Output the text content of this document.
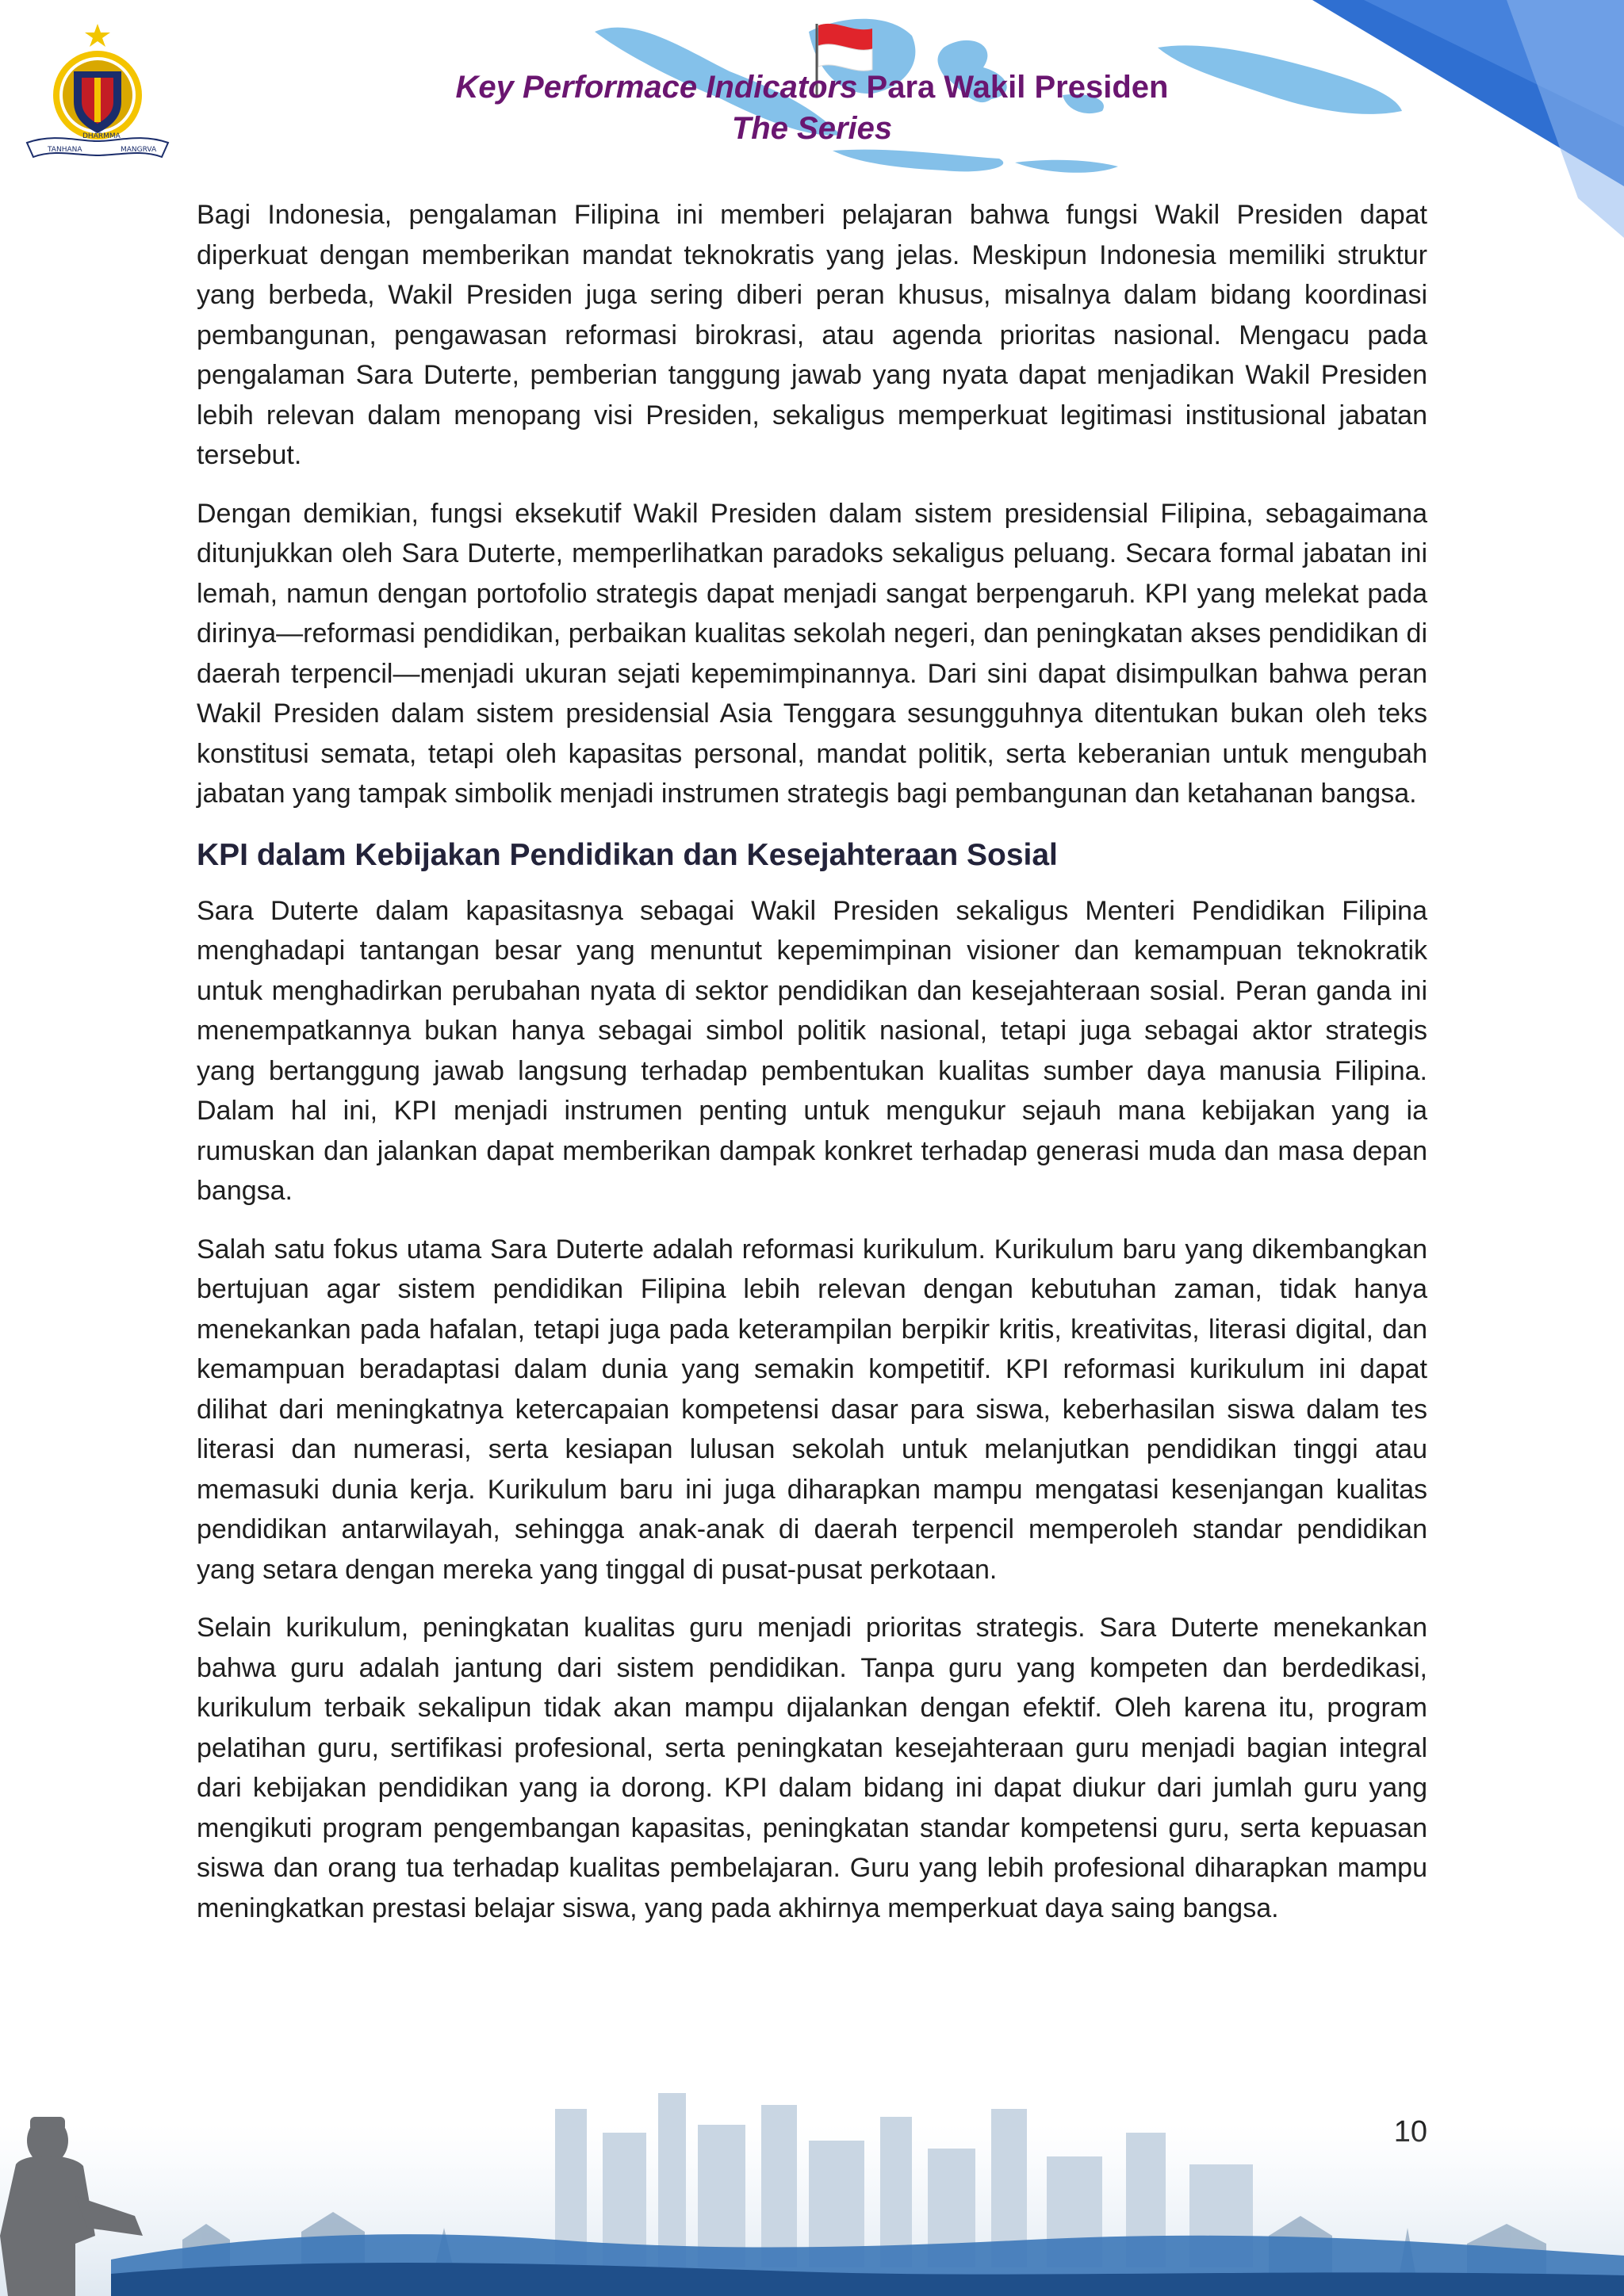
TANHANA
DHARMMA
MANGRVA
Key Performace Indicators Para Wakil Presiden
The Series

Bagi Indonesia, pengalaman Filipina ini memberi pelajaran bahwa fungsi Wakil Presiden dapat diperkuat dengan memberikan mandat teknokratis yang jelas. Meskipun Indonesia memiliki struktur yang berbeda, Wakil Presiden juga sering diberi peran khusus, misalnya dalam bidang koordinasi pembangunan, pengawasan reformasi birokrasi, atau agenda prioritas nasional. Mengacu pada pengalaman Sara Duterte, pemberian tanggung jawab yang nyata dapat menjadikan Wakil Presiden lebih relevan dalam menopang visi Presiden, sekaligus memperkuat legitimasi institusional jabatan tersebut.

Dengan demikian, fungsi eksekutif Wakil Presiden dalam sistem presidensial Filipina, sebagaimana ditunjukkan oleh Sara Duterte, memperlihatkan paradoks sekaligus peluang. Secara formal jabatan ini lemah, namun dengan portofolio strategis dapat menjadi sangat berpengaruh. KPI yang melekat pada dirinya—reformasi pendidikan, perbaikan kualitas sekolah negeri, dan peningkatan akses pendidikan di daerah terpencil—menjadi ukuran sejati kepemimpinannya. Dari sini dapat disimpulkan bahwa peran Wakil Presiden dalam sistem presidensial Asia Tenggara sesungguhnya ditentukan bukan oleh teks konstitusi semata, tetapi oleh kapasitas personal, mandat politik, serta keberanian untuk mengubah jabatan yang tampak simbolik menjadi instrumen strategis bagi pembangunan dan ketahanan bangsa.

KPI dalam Kebijakan Pendidikan dan Kesejahteraan Sosial

Sara Duterte dalam kapasitasnya sebagai Wakil Presiden sekaligus Menteri Pendidikan Filipina menghadapi tantangan besar yang menuntut kepemimpinan visioner dan kemampuan teknokratik untuk menghadirkan perubahan nyata di sektor pendidikan dan kesejahteraan sosial. Peran ganda ini menempatkannya bukan hanya sebagai simbol politik nasional, tetapi juga sebagai aktor strategis yang bertanggung jawab langsung terhadap pembentukan kualitas sumber daya manusia Filipina. Dalam hal ini, KPI menjadi instrumen penting untuk mengukur sejauh mana kebijakan yang ia rumuskan dan jalankan dapat memberikan dampak konkret terhadap generasi muda dan masa depan bangsa.

Salah satu fokus utama Sara Duterte adalah reformasi kurikulum. Kurikulum baru yang dikembangkan bertujuan agar sistem pendidikan Filipina lebih relevan dengan kebutuhan zaman, tidak hanya menekankan pada hafalan, tetapi juga pada keterampilan berpikir kritis, kreativitas, literasi digital, dan kemampuan beradaptasi dalam dunia yang semakin kompetitif. KPI reformasi kurikulum ini dapat dilihat dari meningkatnya ketercapaian kompetensi dasar para siswa, keberhasilan siswa dalam tes literasi dan numerasi, serta kesiapan lulusan sekolah untuk melanjutkan pendidikan tinggi atau memasuki dunia kerja. Kurikulum baru ini juga diharapkan mampu mengatasi kesenjangan kualitas pendidikan antarwilayah, sehingga anak-anak di daerah terpencil memperoleh standar pendidikan yang setara dengan mereka yang tinggal di pusat-pusat perkotaan.

Selain kurikulum, peningkatan kualitas guru menjadi prioritas strategis. Sara Duterte menekankan bahwa guru adalah jantung dari sistem pendidikan. Tanpa guru yang kompeten dan berdedikasi, kurikulum terbaik sekalipun tidak akan mampu dijalankan dengan efektif. Oleh karena itu, program pelatihan guru, sertifikasi profesional, serta peningkatan kesejahteraan guru menjadi bagian integral dari kebijakan pendidikan yang ia dorong. KPI dalam bidang ini dapat diukur dari jumlah guru yang mengikuti program pengembangan kapasitas, peningkatan standar kompetensi guru, serta kepuasan siswa dan orang tua terhadap kualitas pembelajaran. Guru yang lebih profesional diharapkan mampu meningkatkan prestasi belajar siswa, yang pada akhirnya memperkuat daya saing bangsa.
